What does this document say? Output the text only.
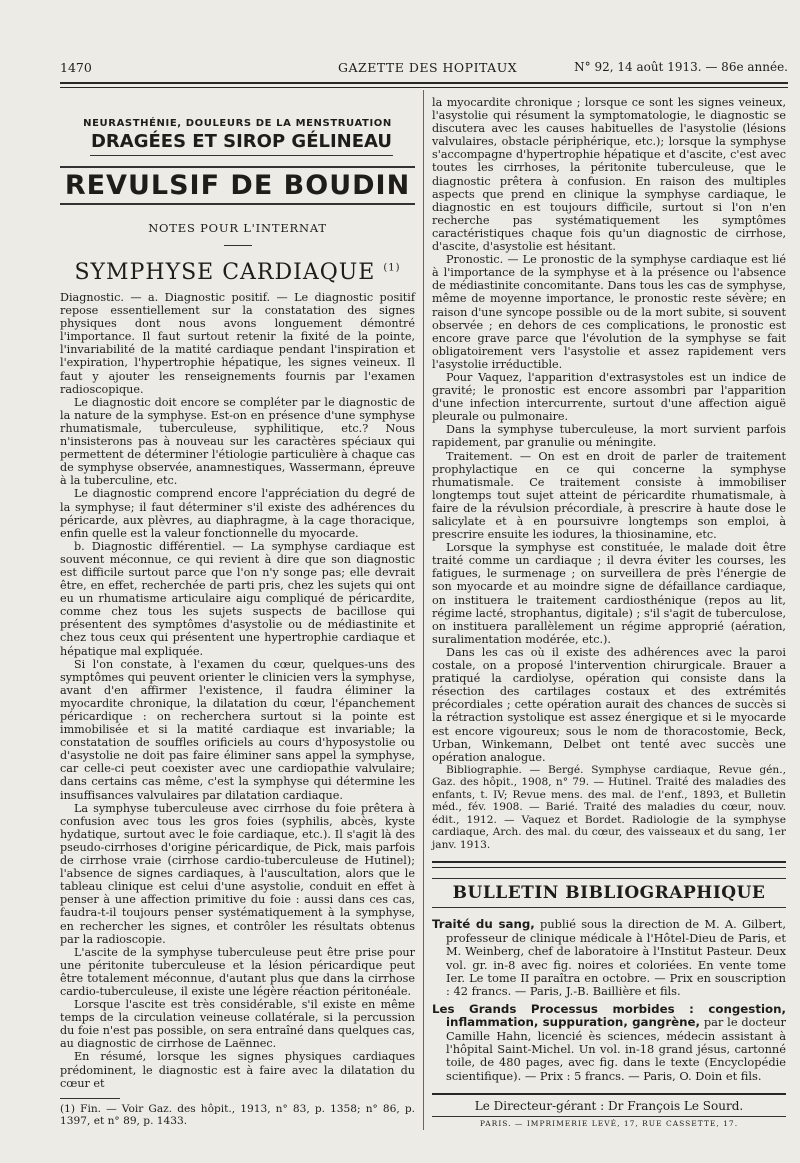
1470	GAZETTE DES HOPITAUX	N° 92, 14 août 1913. — 86e année.
NEURASTHÉNIE, DOULEURS DE LA MENSTRUATION
DRAGÉES ET SIROP GÉLINEAU
REVULSIF DE BOUDIN
NOTES POUR L'INTERNAT
SYMPHYSE CARDIAQUE $^{(1)}$

Diagnostic. — a. Diagnostic positif. — Le diagnostic positif repose essentiellement sur la constatation des signes physiques dont nous avons longuement démontré l'importance. Il faut surtout retenir la fixité de la pointe, l'invariabilité de la matité cardiaque pendant l'inspiration et l'expiration, l'hypertrophie hépatique, les signes veineux. Il faut y ajouter les renseignements fournis par l'examen radioscopique.

Le diagnostic doit encore se compléter par le diagnostic de la nature de la symphyse. Est-on en présence d'une symphyse rhumatismale, tuberculeuse, syphilitique, etc.? Nous n'insisterons pas à nouveau sur les caractères spéciaux qui permettent de déterminer l'étiologie particulière à chaque cas de symphyse observée, anamnestiques, Wassermann, épreuve à la tuberculine, etc.

Le diagnostic comprend encore l'appréciation du degré de la symphyse; il faut déterminer s'il existe des adhérences du péricarde, aux plèvres, au diaphragme, à la cage thoracique, enfin quelle est la valeur fonctionnelle du myocarde.

b. Diagnostic différentiel. — La symphyse cardiaque est souvent méconnue, ce qui revient à dire que son diagnostic est difficile surtout parce que l'on n'y songe pas; elle devrait être, en effet, recherchée de parti pris, chez les sujets qui ont eu un rhumatisme articulaire aigu compliqué de péricardite, comme chez tous les sujets suspects de bacillose qui présentent des symptômes d'asystolie ou de médiastinite et chez tous ceux qui présentent une hypertrophie cardiaque et hépatique mal expliquée.

Si l'on constate, à l'examen du cœur, quelques-uns des symptômes qui peuvent orienter le clinicien vers la symphyse, avant d'en affirmer l'existence, il faudra éliminer la myocardite chronique, la dilatation du cœur, l'épanchement péricardique : on recherchera surtout si la pointe est immobilisée et si la matité cardiaque est invariable; la constatation de souffles orificiels au cours d'hyposystolie ou d'asystolie ne doit pas faire éliminer sans appel la symphyse, car celle-ci peut coexister avec une cardiopathie valvulaire; dans certains cas même, c'est la symphyse qui détermine les insuffisances valvulaires par dilatation cardiaque.

La symphyse tuberculeuse avec cirrhose du foie prêtera à confusion avec tous les gros foies (syphilis, abcès, kyste hydatique, surtout avec le foie cardiaque, etc.). Il s'agit là des pseudo-cirrhoses d'origine péricardique, de Pick, mais parfois de cirrhose vraie (cirrhose cardio-tuberculeuse de Hutinel); l'absence de signes cardiaques, à l'auscultation, alors que le tableau clinique est celui d'une asystolie, conduit en effet à penser à une affection primitive du foie : aussi dans ces cas, faudra-t-il toujours penser systématiquement à la symphyse, en rechercher les signes, et contrôler les résultats obtenus par la radioscopie.

L'ascite de la symphyse tuberculeuse peut être prise pour une péritonite tuberculeuse et la lésion péricardique peut être totalement méconnue, d'autant plus que dans la cirrhose cardio-tuberculeuse, il existe une légère réaction péritonéale.

Lorsque l'ascite est très considérable, s'il existe en même temps de la circulation veineuse collatérale, si la percussion du foie n'est pas possible, on sera entraîné dans quelques cas, au diagnostic de cirrhose de Laënnec.

En résumé, lorsque les signes physiques cardiaques prédominent, le diagnostic est à faire avec la dilatation du cœur et

(1) Fin. — Voir Gaz. des hôpit., 1913, n° 83, p. 1358; n° 86, p. 1397, et n° 89, p. 1433.

la myocardite chronique ; lorsque ce sont les signes veineux, l'asystolie qui résument la symptomatologie, le diagnostic se discutera avec les causes habituelles de l'asystolie (lésions valvulaires, obstacle périphérique, etc.); lorsque la symphyse s'accompagne d'hypertrophie hépatique et d'ascite, c'est avec toutes les cirrhoses, la péritonite tuberculeuse, que le diagnostic prêtera à confusion. En raison des multiples aspects que prend en clinique la symphyse cardiaque, le diagnostic en est toujours difficile, surtout si l'on n'en recherche pas systématiquement les symptômes caractéristiques chaque fois qu'un diagnostic de cirrhose, d'ascite, d'asystolie est hésitant.

Pronostic. — Le pronostic de la symphyse cardiaque est lié à l'importance de la symphyse et à la présence ou l'absence de médiastinite concomitante. Dans tous les cas de symphyse, même de moyenne importance, le pronostic reste sévère; en raison d'une syncope possible ou de la mort subite, si souvent observée ; en dehors de ces complications, le pronostic est encore grave parce que l'évolution de la symphyse se fait obligatoirement vers l'asystolie et assez rapidement vers l'asystolie irréductible.

Pour Vaquez, l'apparition d'extrasystoles est un indice de gravité; le pronostic est encore assombri par l'apparition d'une infection intercurrente, surtout d'une affection aiguë pleurale ou pulmonaire.

Dans la symphyse tuberculeuse, la mort survient parfois rapidement, par granulie ou méningite.

Traitement. — On est en droit de parler de traitement prophylactique en ce qui concerne la symphyse rhumatismale. Ce traitement consiste à immobiliser longtemps tout sujet atteint de péricardite rhumatismale, à faire de la révulsion précordiale, à prescrire à haute dose le salicylate et à en poursuivre longtemps son emploi, à prescrire ensuite les iodures, la thiosinamine, etc.

Lorsque la symphyse est constituée, le malade doit être traité comme un cardiaque ; il devra éviter les courses, les fatigues, le surmenage ; on surveillera de près l'énergie de son myocarde et au moindre signe de défaillance cardiaque, on instituera le traitement cardiosthénique (repos au lit, régime lacté, strophantus, digitale) ; s'il s'agit de tuberculose, on instituera parallèlement un régime approprié (aération, suralimentation modérée, etc.).

Dans les cas où il existe des adhérences avec la paroi costale, on a proposé l'intervention chirurgicale. Brauer a pratiqué la cardiolyse, opération qui consiste dans la résection des cartilages costaux et des extrémités précordiales ; cette opération aurait des chances de succès si la rétraction systolique est assez énergique et si le myocarde est encore vigoureux; sous le nom de thoracostomie, Beck, Urban, Winkemann, Delbet ont tenté avec succès une opération analogue.

Bibliographie. — Bergé. Symphyse cardiaque, Revue gén., Gaz. des hôpit., 1908, n° 79. — Hutinel. Traité des maladies des enfants, t. IV; Revue mens. des mal. de l'enf., 1893, et Bulletin méd., fév. 1908. — Barié. Traité des maladies du cœur, nouv. édit., 1912. — Vaquez et Bordet. Radiologie de la symphyse cardiaque, Arch. des mal. du cœur, des vaisseaux et du sang, 1er janv. 1913.

BULLETIN BIBLIOGRAPHIQUE
Traité du sang, publié sous la direction de M. A. Gilbert, professeur de clinique médicale à l'Hôtel-Dieu de Paris, et M. Weinberg, chef de laboratoire à l'Institut Pasteur. Deux vol. gr. in-8 avec fig. noires et coloriées. En vente tome Ier. Le tome II paraîtra en octobre. — Prix en souscription : 42 francs. — Paris, J.-B. Baillière et fils.
Les Grands Processus morbides : congestion, inflammation, suppuration, gangrène, par le docteur Camille Hahn, licencié ès sciences, médecin assistant à l'hôpital Saint-Michel. Un vol. in-18 grand jésus, cartonné toile, de 480 pages, avec fig. dans le texte (Encyclopédie scientifique). — Prix : 5 francs. — Paris, O. Doin et fils.
Le Directeur-gérant : Dr François Le Sourd.
PARIS. — IMPRIMERIE LEVÉ, 17, RUE CASSETTE, 17.
